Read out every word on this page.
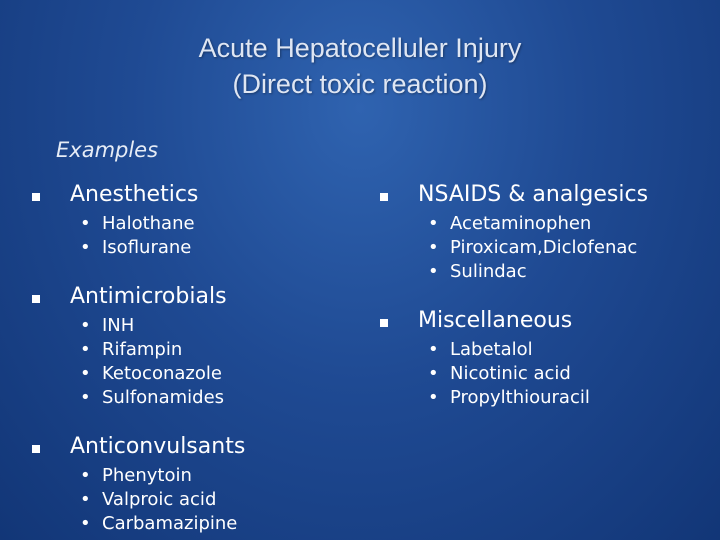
Acute Hepatocelluler Injury
(Direct toxic reaction)
Examples
Anesthetics
• Halothane
• Isoflurane
Antimicrobials
• INH
• Rifampin
• Ketoconazole
• Sulfonamides
Anticonvulsants
• Phenytoin
• Valproic acid
• Carbamazipine
NSAIDS & analgesics
• Acetaminophen
• Piroxicam,Diclofenac
• Sulindac
Miscellaneous
• Labetalol
• Nicotinic acid
• Propylthiouracil
